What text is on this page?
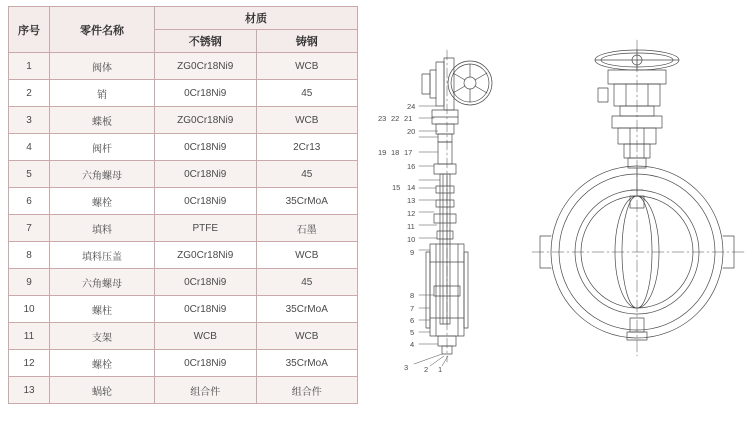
序号	零件名称	材质	
		不锈钢	铸钢
1	阀体	ZG0Cr18Ni9	WCB
2	销	0Cr18Ni9	45
3	蝶板	ZG0Cr18Ni9	WCB
4	阀杆	0Cr18Ni9	2Cr13
5	六角螺母	0Cr18Ni9	45
6	螺栓	0Cr18Ni9	35CrMoA
7	填料	PTFE	石墨
8	填料压盖	ZG0Cr18Ni9	WCB
9	六角螺母	0Cr18Ni9	45
10	螺柱	0Cr18Ni9	35CrMoA
11	支架	WCB	WCB
12	螺栓	0Cr18Ni9	35CrMoA
13	蜗轮	组合件	组合件
24
23 22 21
20
19 18 17
16
15 14
13
12
11
10
9
8
7
6
5
4
3 2 1
